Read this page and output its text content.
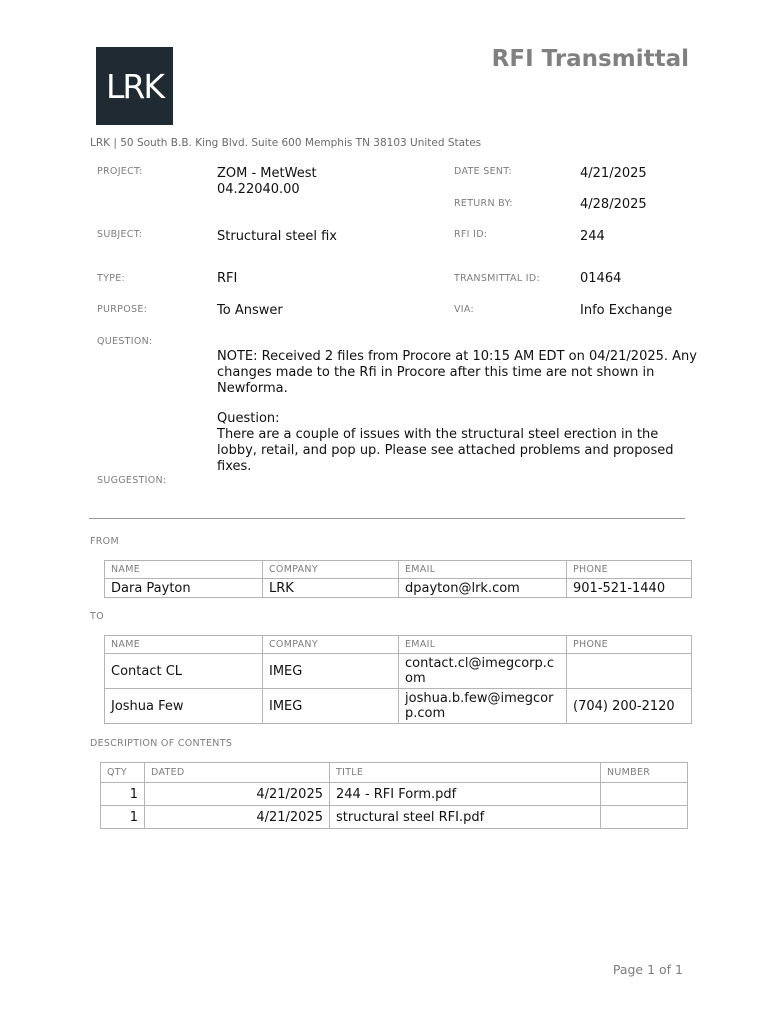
LRK
RFI Transmittal
LRK | 50 South B.B. King Blvd. Suite 600 Memphis TN 38103 United States
PROJECT:	ZOM - MetWest
04.22040.00
DATE SENT:	4/21/2025
RETURN BY:	4/28/2025
SUBJECT:	Structural steel fix	RFI ID:	244
TYPE:	RFI	TRANSMITTAL ID:	01464
PURPOSE:	To Answer	VIA:	Info Exchange
QUESTION:
NOTE: Received 2 files from Procore at 10:15 AM EDT on 04/21/2025. Any changes made to the Rfi in Procore after this time are not shown in Newforma.
Question:
There are a couple of issues with the structural steel erection in the lobby, retail, and pop up. Please see attached problems and proposed fixes.
SUGGESTION:
FROM
NAME	COMPANY	EMAIL	PHONE
Dara Payton	LRK	dpayton@lrk.com	901-521-1440
TO
NAME	COMPANY	EMAIL	PHONE
Contact CL	IMEG	contact.cl@imegcorp.com	
Joshua Few	IMEG	joshua.b.few@imegcorp.com	(704) 200-2120
DESCRIPTION OF CONTENTS
QTY	DATED	TITLE	NUMBER
1	4/21/2025	244 - RFI Form.pdf	
1	4/21/2025	structural steel RFI.pdf	
Page 1 of 1
